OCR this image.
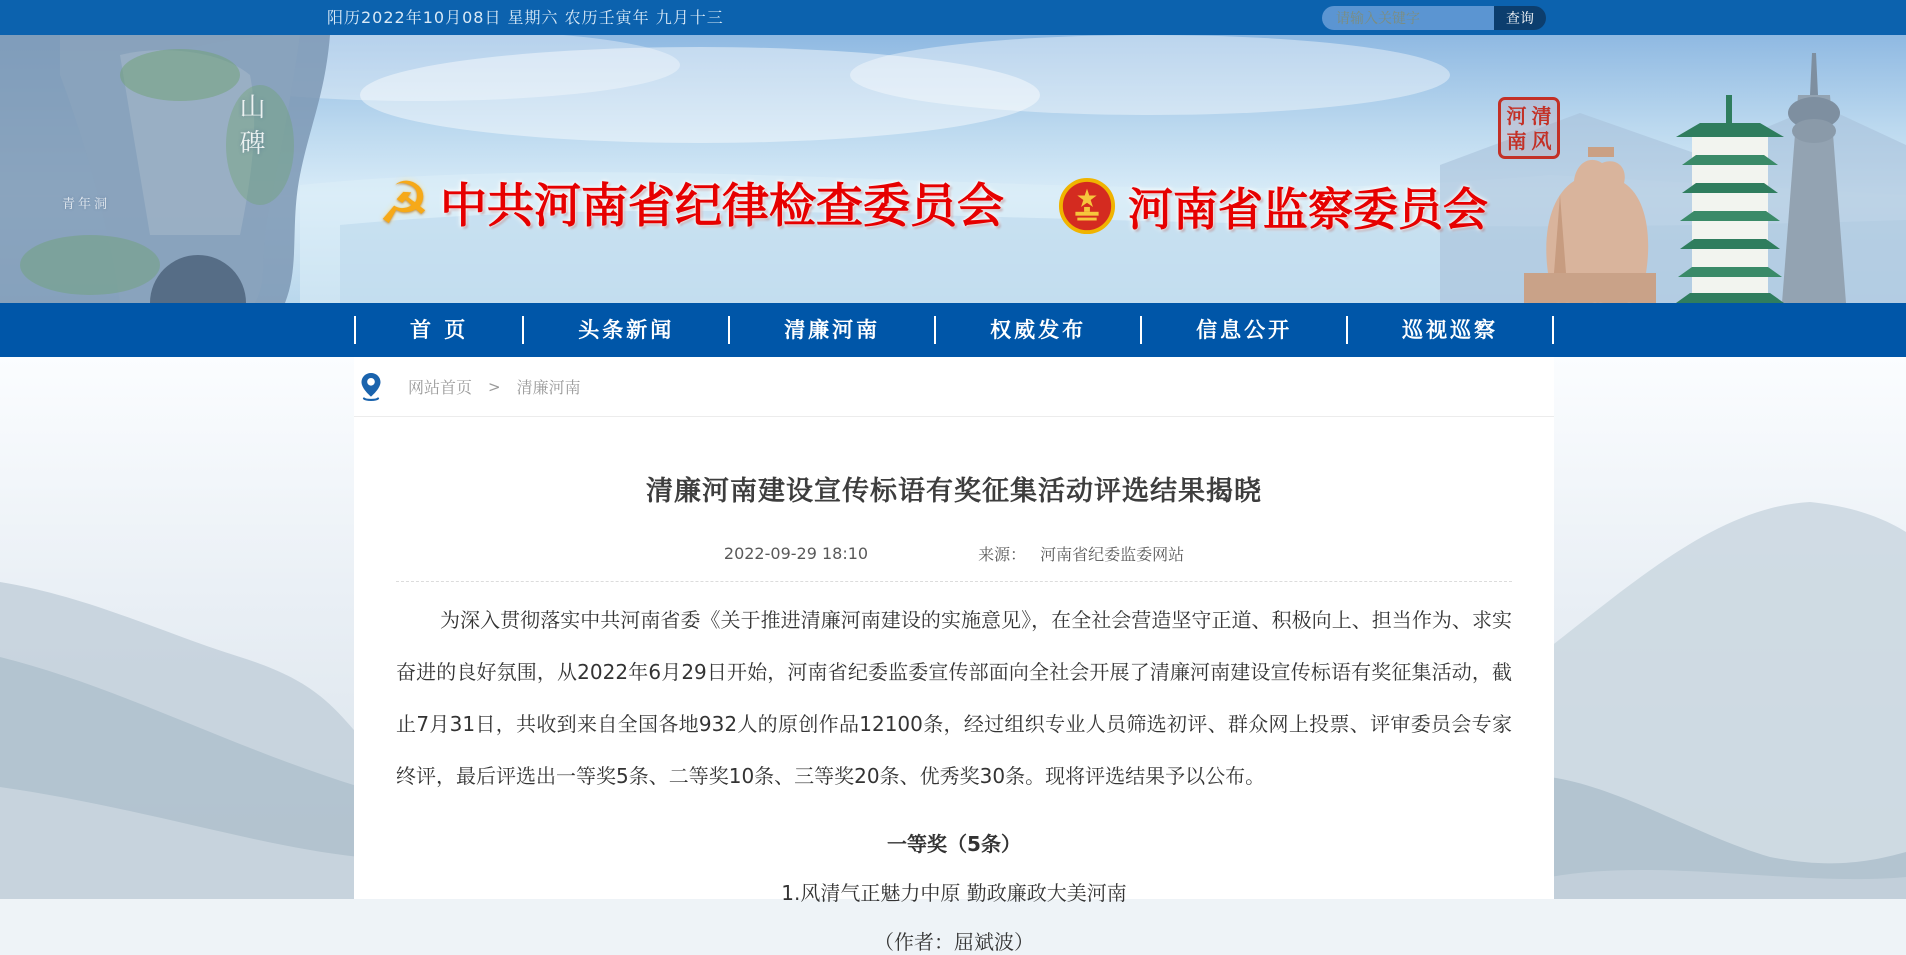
阳历2022年10月08日 星期六 农历壬寅年 九月十三
请输入关键字	查询
山碑
青年洞	☭ 中共河南省纪律检查委员会	河南省监察委员会
河 清
南 风
首 页	头条新闻	清廉河南	权威发布	信息公开	巡视巡察
网站首页 > 清廉河南
清廉河南建设宣传标语有奖征集活动评选结果揭晓
2022-09-29 18:10	来源： 河南省纪委监委网站

为深入贯彻落实中共河南省委《关于推进清廉河南建设的实施意见》，在全社会营造坚守正道、积极向上、担当作为、求实奋进的良好氛围，从2022年6月29日开始，河南省纪委监委宣传部面向全社会开展了清廉河南建设宣传标语有奖征集活动，截止7月31日，共收到来自全国各地932人的原创作品12100条，经过组织专业人员筛选初评、群众网上投票、评审委员会专家终评，最后评选出一等奖5条、二等奖10条、三等奖20条、优秀奖30条。现将评选结果予以公布。

一等奖（5条）
1.风清气正魅力中原 勤政廉政大美河南
（作者：屈斌波）
